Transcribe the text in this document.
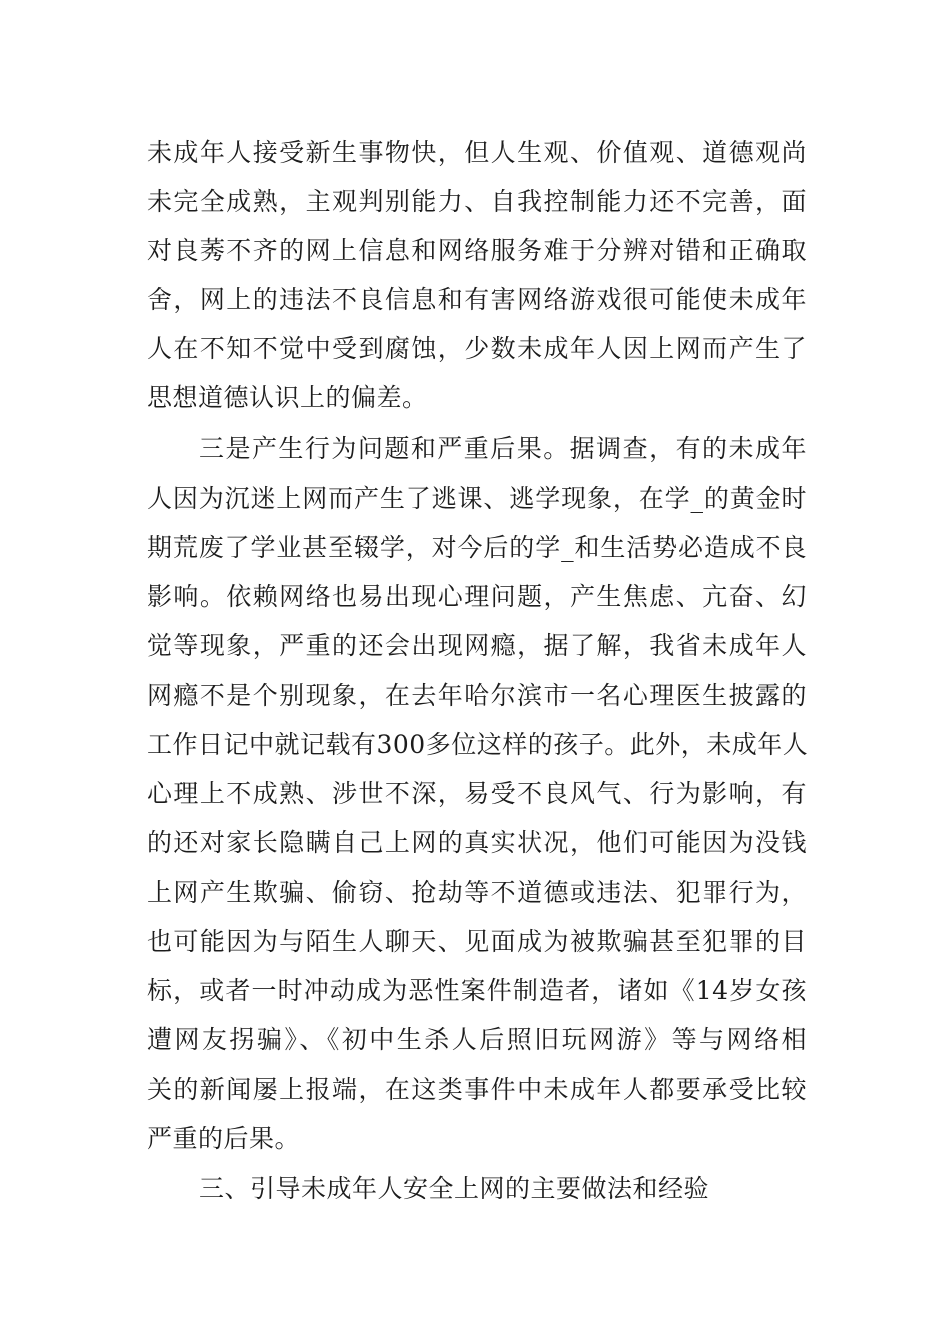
未成年人接受新生事物快，但人生观、价值观、道德观尚
未完全成熟，主观判别能力、自我控制能力还不完善，面
对良莠不齐的网上信息和网络服务难于分辨对错和正确取
舍，网上的违法不良信息和有害网络游戏很可能使未成年
人在不知不觉中受到腐蚀，少数未成年人因上网而产生了
思想道德认识上的偏差。
三是产生行为问题和严重后果。据调查，有的未成年
人因为沉迷上网而产生了逃课、逃学现象，在学_的黄金时
期荒废了学业甚至辍学，对今后的学_和生活势必造成不良
影响。依赖网络也易出现心理问题，产生焦虑、亢奋、幻
觉等现象，严重的还会出现网瘾，据了解，我省未成年人
网瘾不是个别现象，在去年哈尔滨市一名心理医生披露的
工作日记中就记载有300多位这样的孩子。此外，未成年人
心理上不成熟、涉世不深，易受不良风气、行为影响，有
的还对家长隐瞒自己上网的真实状况，他们可能因为没钱
上网产生欺骗、偷窃、抢劫等不道德或违法、犯罪行为，
也可能因为与陌生人聊天、见面成为被欺骗甚至犯罪的目
标，或者一时冲动成为恶性案件制造者，诸如《14岁女孩
遭网友拐骗》、《初中生杀人后照旧玩网游》等与网络相
关的新闻屡上报端，在这类事件中未成年人都要承受比较
严重的后果。
三、引导未成年人安全上网的主要做法和经验
